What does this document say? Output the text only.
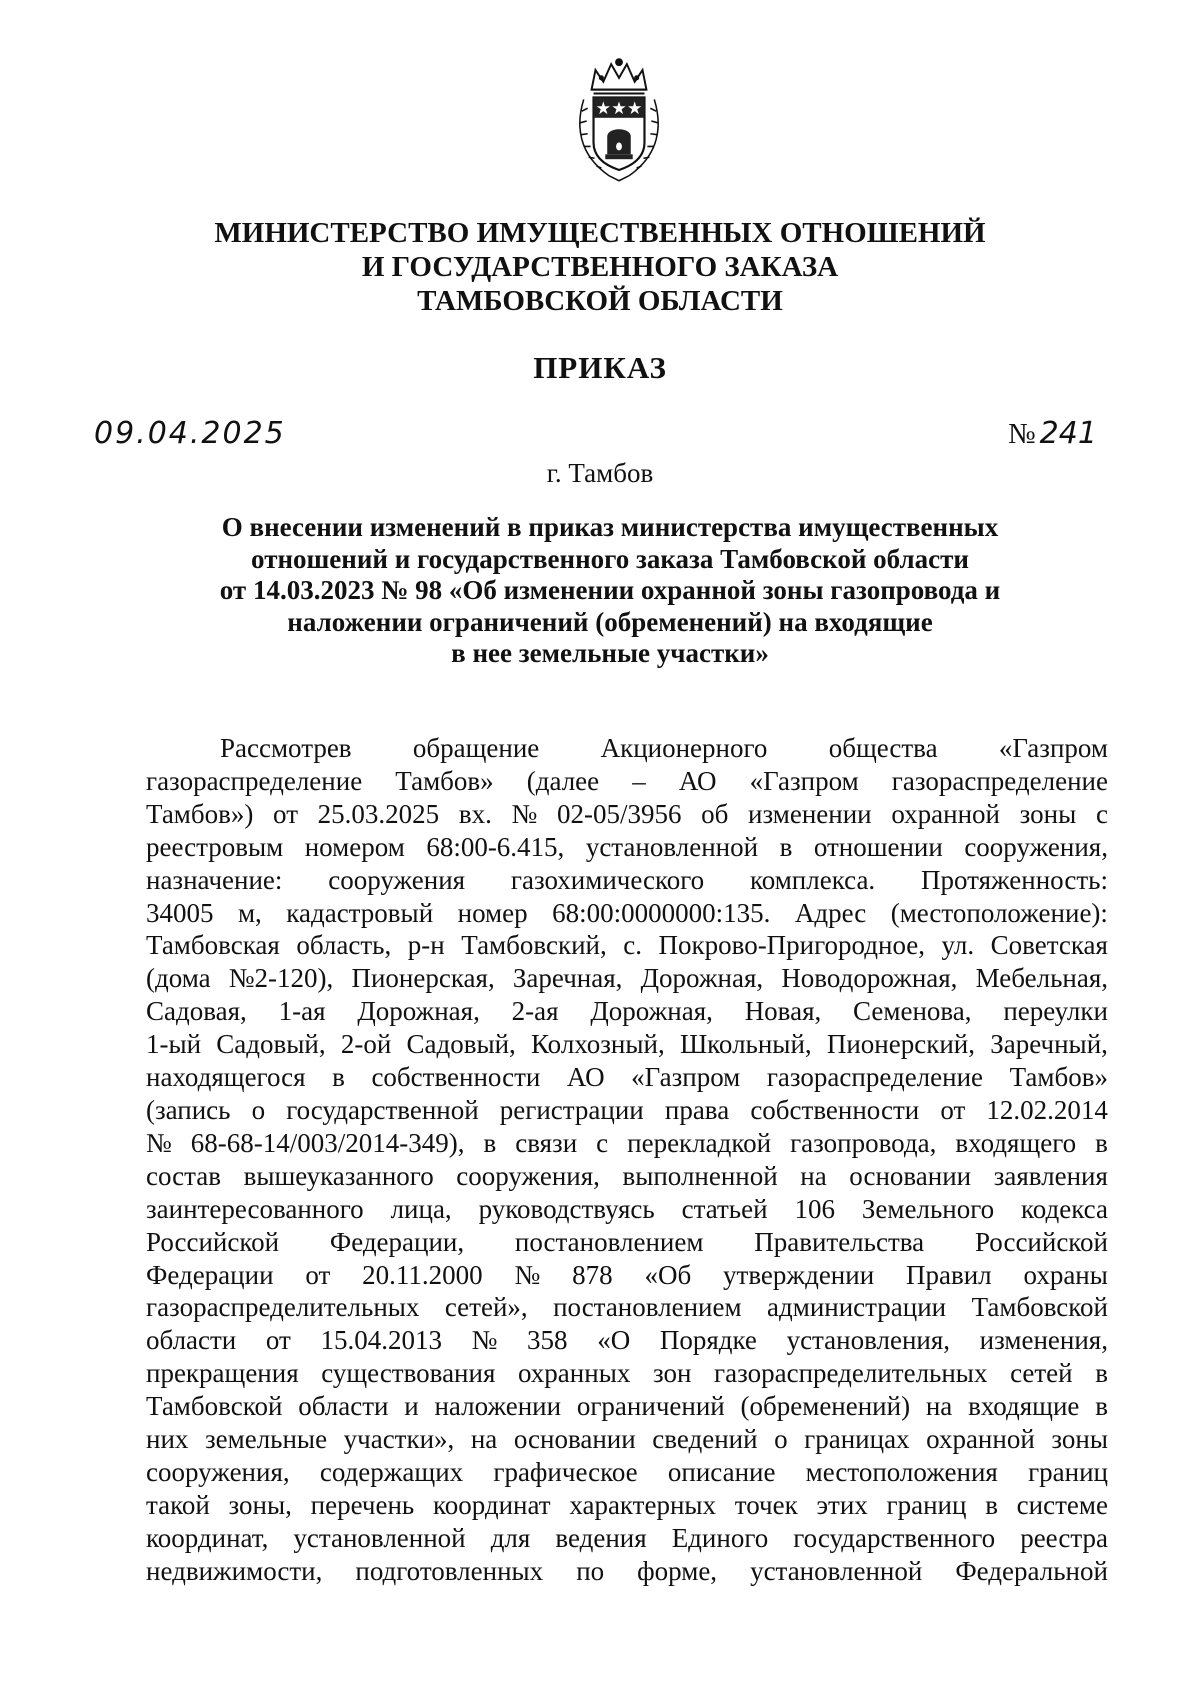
МИНИСТЕРСТВО ИМУЩЕСТВЕННЫХ ОТНОШЕНИЙ
И ГОСУДАРСТВЕННОГО ЗАКАЗА
ТАМБОВСКОЙ ОБЛАСТИ
ПРИКАЗ
09.04.2025	№ 241
г. Тамбов
О внесении изменений в приказ министерства имущественных
отношений и государственного заказа Тамбовской области
от 14.03.2023 № 98 «Об изменении охранной зоны газопровода и
наложении ограничений (обременений) на входящие
в нее земельные участки»
Рассмотрев обращение Акционерного общества «Газпром
газораспределение Тамбов» (далее – АО «Газпром газораспределение
Тамбов») от 25.03.2025 вх. № 02-05/3956 об изменении охранной зоны с
реестровым номером 68:00-6.415, установленной в отношении сооружения,
назначение: сооружения газохимического комплекса. Протяженность:
34005 м, кадастровый номер 68:00:0000000:135. Адрес (местоположение):
Тамбовская область, р-н Тамбовский, с. Покрово-Пригородное, ул. Советская
(дома №2-120), Пионерская, Заречная, Дорожная, Новодорожная, Мебельная,
Садовая, 1-ая Дорожная, 2-ая Дорожная, Новая, Семенова, переулки
1-ый Садовый, 2-ой Садовый, Колхозный, Школьный, Пионерский, Заречный,
находящегося в собственности АО «Газпром газораспределение Тамбов»
(запись о государственной регистрации права собственности от 12.02.2014
№ 68-68-14/003/2014-349), в связи с перекладкой газопровода, входящего в
состав вышеуказанного сооружения, выполненной на основании заявления
заинтересованного лица, руководствуясь статьей 106 Земельного кодекса
Российской Федерации, постановлением Правительства Российской
Федерации от 20.11.2000 № 878 «Об утверждении Правил охраны
газораспределительных сетей», постановлением администрации Тамбовской
области от 15.04.2013 № 358 «О Порядке установления, изменения,
прекращения существования охранных зон газораспределительных сетей в
Тамбовской области и наложении ограничений (обременений) на входящие в
них земельные участки», на основании сведений о границах охранной зоны
сооружения, содержащих графическое описание местоположения границ
такой зоны, перечень координат характерных точек этих границ в системе
координат, установленной для ведения Единого государственного реестра
недвижимости, подготовленных по форме, установленной Федеральной
